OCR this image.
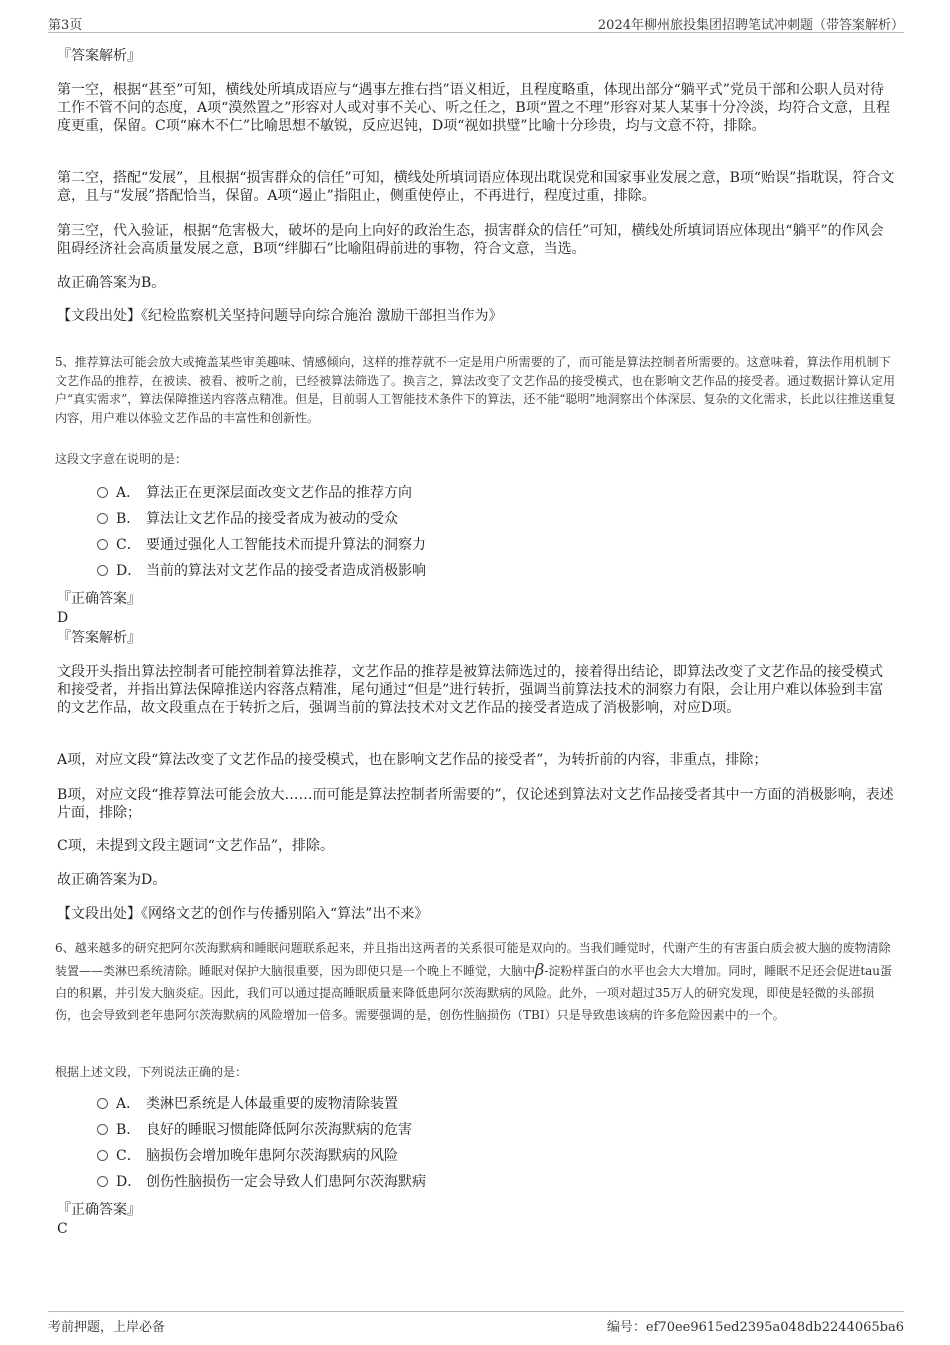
第3页	2024年柳州旅投集团招聘笔试冲刺题（带答案解析）
『答案解析』
第一空，根据“甚至”可知，横线处所填成语应与“遇事左推右挡”语义相近，且程度略重，体现出部分“躺平式”党员干部和公职人员对待工作不管不问的态度，A项“漠然置之”形容对人或对事不关心、听之任之，B项“置之不理”形容对某人某事十分冷淡，均符合文意，且程度更重，保留。C项“麻木不仁”比喻思想不敏锐，反应迟钝，D项“视如拱璧”比喻十分珍贵，均与文意不符，排除。
第二空，搭配“发展”，且根据“损害群众的信任”可知，横线处所填词语应体现出耽误党和国家事业发展之意，B项“贻误”指耽误，符合文意，且与“发展”搭配恰当，保留。A项“遏止”指阻止，侧重使停止，不再进行，程度过重，排除。
第三空，代入验证，根据“危害极大，破坏的是向上向好的政治生态，损害群众的信任”可知，横线处所填词语应体现出“躺平”的作风会阻碍经济社会高质量发展之意，B项“绊脚石”比喻阻碍前进的事物，符合文意，当选。
故正确答案为B。
【文段出处】《纪检监察机关坚持问题导向综合施治 激励干部担当作为》
5、推荐算法可能会放大或掩盖某些审美趣味、情感倾向，这样的推荐就不一定是用户所需要的了，而可能是算法控制者所需要的。这意味着，算法作用机制下文艺作品的推荐，在被读、被看、被听之前，已经被算法筛选了。换言之，算法改变了文艺作品的接受模式，也在影响文艺作品的接受者。通过数据计算认定用户“真实需求”，算法保障推送内容落点精准。但是，目前弱人工智能技术条件下的算法，还不能“聪明”地洞察出个体深层、复杂的文化需求，长此以往推送重复内容，用户难以体验文艺作品的丰富性和创新性。
这段文字意在说明的是：
A． 算法正在更深层面改变文艺作品的推荐方向
B． 算法让文艺作品的接受者成为被动的受众
C． 要通过强化人工智能技术而提升算法的洞察力
D． 当前的算法对文艺作品的接受者造成消极影响
『正确答案』
D
『答案解析』
文段开头指出算法控制者可能控制着算法推荐，文艺作品的推荐是被算法筛选过的，接着得出结论，即算法改变了文艺作品的接受模式和接受者，并指出算法保障推送内容落点精准，尾句通过“但是”进行转折，强调当前算法技术的洞察力有限，会让用户难以体验到丰富的文艺作品，故文段重点在于转折之后，强调当前的算法技术对文艺作品的接受者造成了消极影响，对应D项。
A项，对应文段“算法改变了文艺作品的接受模式，也在影响文艺作品的接受者”，为转折前的内容，非重点，排除；
B项，对应文段“推荐算法可能会放大……而可能是算法控制者所需要的”，仅论述到算法对文艺作品接受者其中一方面的消极影响，表述片面，排除；
C项，未提到文段主题词“文艺作品”，排除。
故正确答案为D。
【文段出处】《网络文艺的创作与传播别陷入“算法”出不来》
6、越来越多的研究把阿尔茨海默病和睡眠问题联系起来，并且指出这两者的关系很可能是双向的。当我们睡觉时，代谢产生的有害蛋白质会被大脑的废物清除装置——类淋巴系统清除。睡眠对保护大脑很重要，因为即使只是一个晚上不睡觉，大脑中β-淀粉样蛋白的水平也会大大增加。同时，睡眠不足还会促进tau蛋白的积累，并引发大脑炎症。因此，我们可以通过提高睡眠质量来降低患阿尔茨海默病的风险。此外，一项对超过35万人的研究发现，即使是轻微的头部损伤，也会导致到老年患阿尔茨海默病的风险增加一倍多。需要强调的是，创伤性脑损伤（TBI）只是导致患该病的许多危险因素中的一个。
根据上述文段，下列说法正确的是：
A． 类淋巴系统是人体最重要的废物清除装置
B． 良好的睡眠习惯能降低阿尔茨海默病的危害
C． 脑损伤会增加晚年患阿尔茨海默病的风险
D． 创伤性脑损伤一定会导致人们患阿尔茨海默病
『正确答案』
C
考前押题，上岸必备	编号：ef70ee9615ed2395a048db2244065ba6
